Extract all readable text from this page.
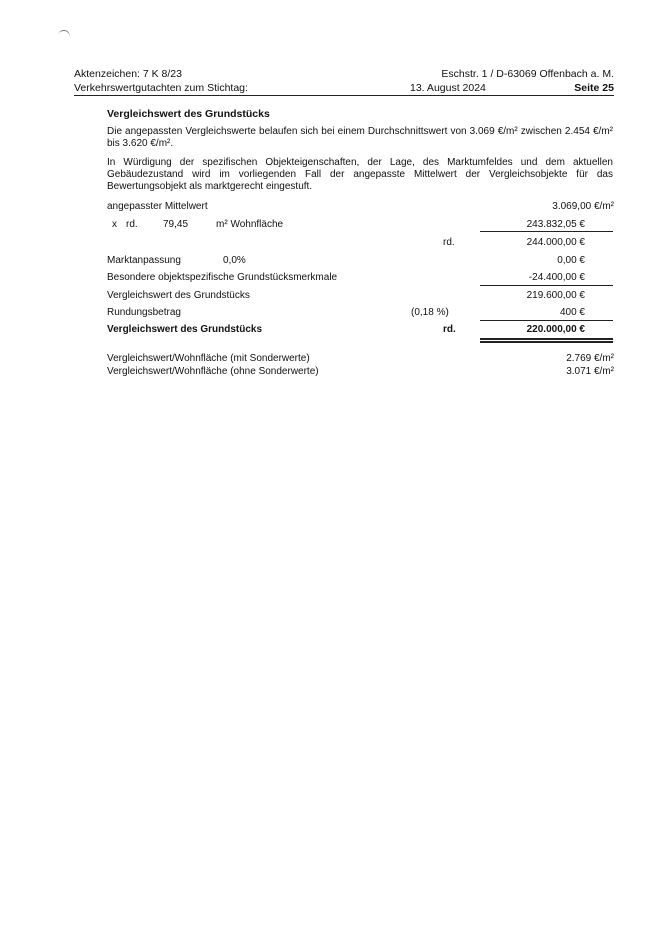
Aktenzeichen: 7 K 8/23	Eschstr. 1 / D-63069 Offenbach a. M.
Verkehrswertgutachten zum Stichtag:	13. August 2024	Seite 25
Vergleichswert des Grundstücks
Die angepassten Vergleichswerte belaufen sich bei einem Durchschnittswert von 3.069 €/m² zwischen 2.454 €/m² bis 3.620 €/m².
In Würdigung der spezifischen Objekteigenschaften, der Lage, des Marktumfeldes und dem aktuellen Gebäudezustand wird im vorliegenden Fall der angepasste Mittelwert der Vergleichsobjekte für das Bewertungsobjekt als marktgerecht eingestuft.
angepasster Mittelwert	3.069,00 €/m²
x rd.	79,45	m² Wohnfläche	243.832,05 €
rd.	244.000,00 €
Marktanpassung	0,0%	0,00 €
Besondere objektspezifische Grundstücksmerkmale	-24.400,00 €
Vergleichswert des Grundstücks	219.600,00 €
Rundungsbetrag	(0,18 %)	400 €
Vergleichswert des Grundstücks	rd.	220.000,00 €
Vergleichswert/Wohnfläche (mit Sonderwerte)	2.769 €/m²
Vergleichswert/Wohnfläche (ohne Sonderwerte)	3.071 €/m²
